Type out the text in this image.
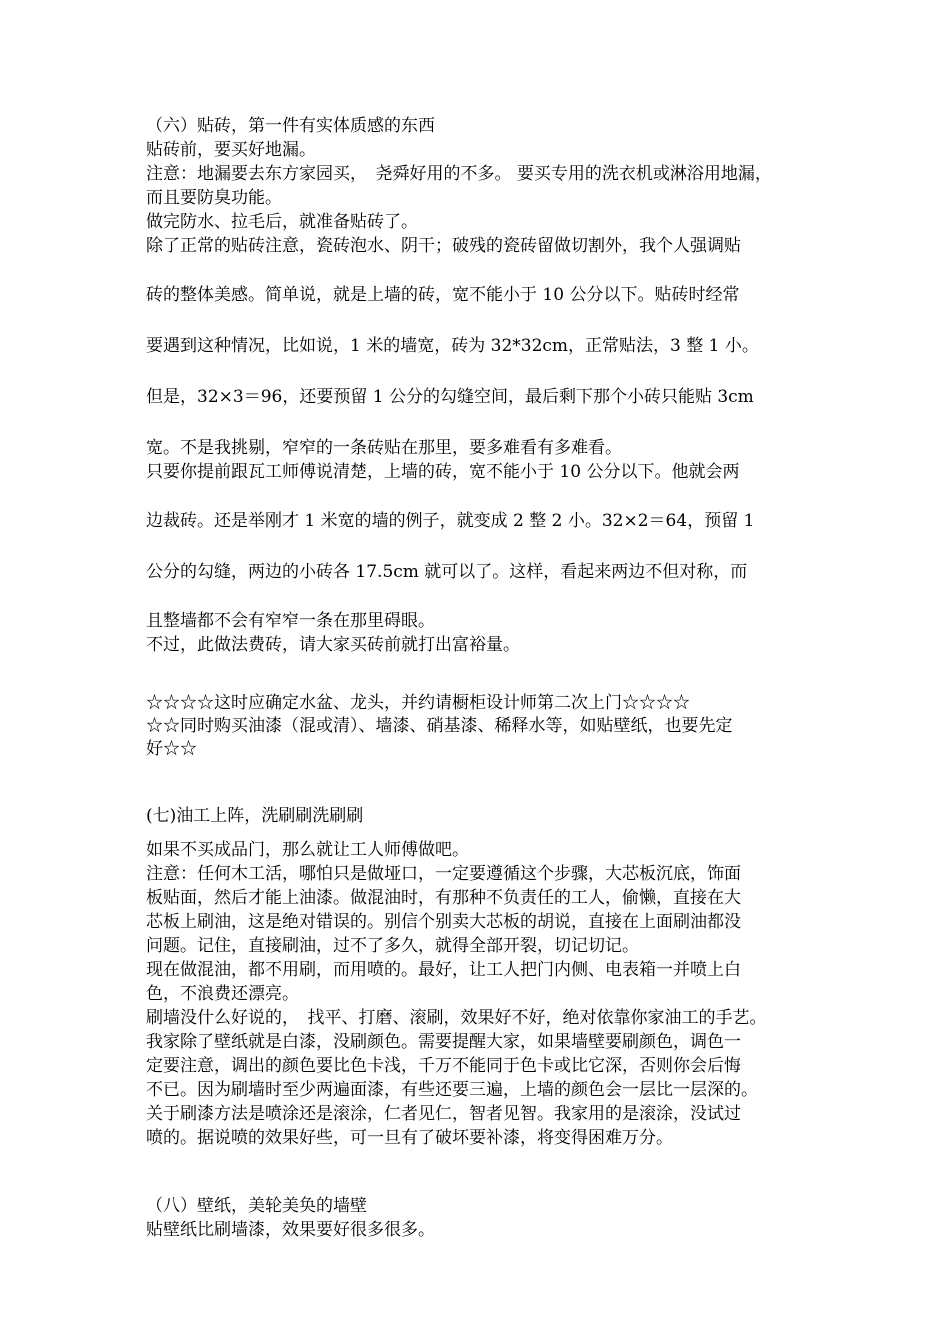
（六）贴砖，第一件有实体质感的东西
贴砖前，要买好地漏。
注意：地漏要去东方家园买，　尧舜好用的不多。 要买专用的洗衣机或淋浴用地漏，
而且要防臭功能。
做完防水、拉毛后，就准备贴砖了。
除了正常的贴砖注意，瓷砖泡水、阴干；破残的瓷砖留做切割外，我个人强调贴
砖的整体美感。简单说，就是上墙的砖，宽不能小于 10 公分以下。贴砖时经常
要遇到这种情况，比如说，1 米的墙宽，砖为 32*32cm，正常贴法，3 整 1 小。
但是，32×3＝96，还要预留 1 公分的勾缝空间，最后剩下那个小砖只能贴 3cm
宽。不是我挑剔，窄窄的一条砖贴在那里，要多难看有多难看。
只要你提前跟瓦工师傅说清楚，上墙的砖，宽不能小于 10 公分以下。他就会两
边裁砖。还是举刚才 1 米宽的墙的例子，就变成 2 整 2 小。32×2＝64，预留 1
公分的勾缝，两边的小砖各 17.5cm 就可以了。这样，看起来两边不但对称，而
且整墙都不会有窄窄一条在那里碍眼。
不过，此做法费砖，请大家买砖前就打出富裕量。
☆☆☆☆这时应确定水盆、龙头，并约请橱柜设计师第二次上门☆☆☆☆
☆☆同时购买油漆（混或清）、墙漆、硝基漆、稀释水等，如贴壁纸，也要先定
好☆☆
(七)油工上阵，洗刷刷洗刷刷
如果不买成品门，那么就让工人师傅做吧。
注意：任何木工活，哪怕只是做垭口，一定要遵循这个步骤，大芯板沉底，饰面
板贴面，然后才能上油漆。做混油时，有那种不负责任的工人，偷懒，直接在大
芯板上刷油，这是绝对错误的。别信个别卖大芯板的胡说，直接在上面刷油都没
问题。记住，直接刷油，过不了多久，就得全部开裂，切记切记。
现在做混油，都不用刷，而用喷的。最好，让工人把门内侧、电表箱一并喷上白
色，不浪费还漂亮。
刷墙没什么好说的，　找平、打磨、滚刷，效果好不好，绝对依靠你家油工的手艺。
我家除了壁纸就是白漆，没刷颜色。需要提醒大家，如果墙壁要刷颜色，调色一
定要注意，调出的颜色要比色卡浅，千万不能同于色卡或比它深，否则你会后悔
不已。因为刷墙时至少两遍面漆，有些还要三遍，上墙的颜色会一层比一层深的。
关于刷漆方法是喷涂还是滚涂，仁者见仁，智者见智。我家用的是滚涂，没试过
喷的。据说喷的效果好些，可一旦有了破坏要补漆，将变得困难万分。
（八）壁纸，美轮美奂的墙壁
贴壁纸比刷墙漆，效果要好很多很多。
